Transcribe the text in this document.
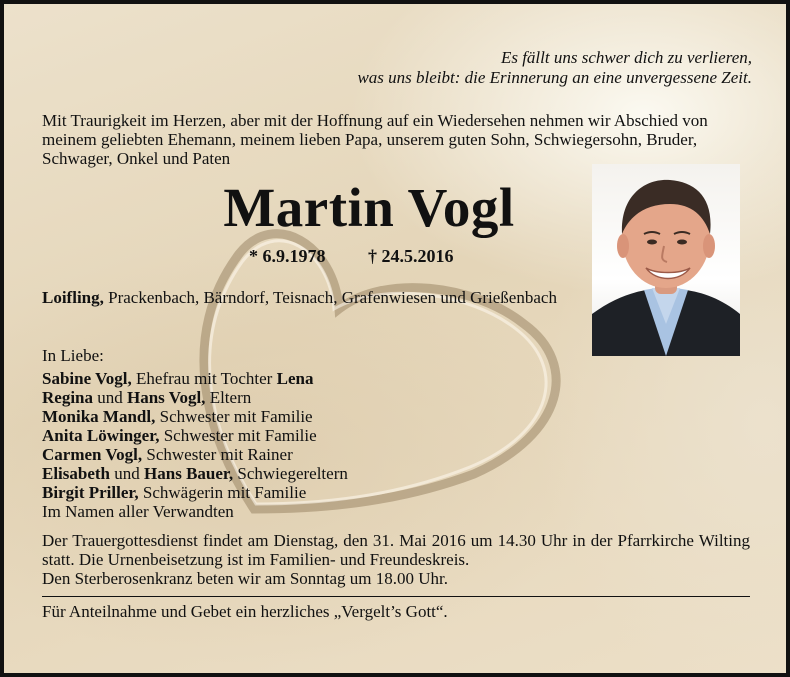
Es fällt uns schwer dich zu verlieren,
was uns bleibt: die Erinnerung an eine unvergessene Zeit.
Mit Traurigkeit im Herzen, aber mit der Hoffnung auf ein Wiedersehen nehmen wir Abschied von meinem geliebten Ehemann, meinem lieben Papa, unserem guten Sohn, Schwiegersohn, Bruder, Schwager, Onkel und Paten
Martin Vogl
* 6.9.1978 † 24.5.2016
Loifling, Prackenbach, Bärndorf, Teisnach, Grafenwiesen und Grießenbach
In Liebe:
Sabine Vogl, Ehefrau mit Tochter Lena
Regina und Hans Vogl, Eltern
Monika Mandl, Schwester mit Familie
Anita Löwinger, Schwester mit Familie
Carmen Vogl, Schwester mit Rainer
Elisabeth und Hans Bauer, Schwiegereltern
Birgit Priller, Schwägerin mit Familie
Im Namen aller Verwandten
Der Trauergottesdienst findet am Dienstag, den 31. Mai 2016 um 14.30 Uhr in der Pfarrkirche Wilting statt. Die Urnenbeisetzung ist im Familien- und Freundeskreis.
Den Sterberosenkranz beten wir am Sonntag um 18.00 Uhr.
Für Anteilnahme und Gebet ein herzliches „Vergelt’s Gott“.
